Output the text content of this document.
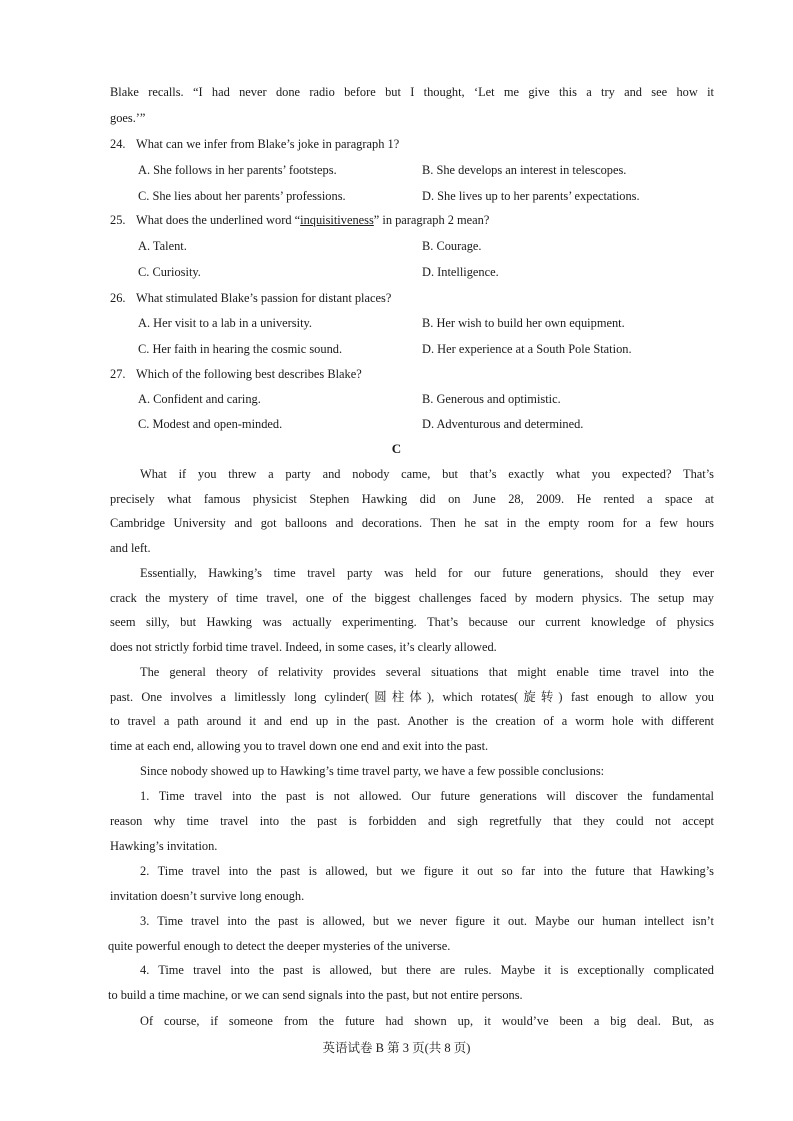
Blake recalls. “I had never done radio before but I thought, ‘Let me give this a try and see how it
goes.’”
24. What can we infer from Blake’s joke in paragraph 1?
A. She follows in her parents’ footsteps.	B. She develops an interest in telescopes.
C. She lies about her parents’ professions.	D. She lives up to her parents’ expectations.
25. What does the underlined word “inquisitiveness” in paragraph 2 mean?
A. Talent.	B. Courage.
C. Curiosity.	D. Intelligence.
26. What stimulated Blake’s passion for distant places?
A. Her visit to a lab in a university.	B. Her wish to build her own equipment.
C. Her faith in hearing the cosmic sound.	D. Her experience at a South Pole Station.
27. Which of the following best describes Blake?
A. Confident and caring.	B. Generous and optimistic.
C. Modest and open-minded.	D. Adventurous and determined.
C
What if you threw a party and nobody came, but that’s exactly what you expected? That’s
precisely what famous physicist Stephen Hawking did on June 28, 2009. He rented a space at
Cambridge University and got balloons and decorations. Then he sat in the empty room for a few hours
and left.
Essentially, Hawking’s time travel party was held for our future generations, should they ever
crack the mystery of time travel, one of the biggest challenges faced by modern physics. The setup may
seem silly, but Hawking was actually experimenting. That’s because our current knowledge of physics
does not strictly forbid time travel. Indeed, in some cases, it’s clearly allowed.
The general theory of relativity provides several situations that might enable time travel into the
past. One involves a limitlessly long cylinder(圆柱体), which rotates(旋转) fast enough to allow you
to travel a path around it and end up in the past. Another is the creation of a worm hole with different
time at each end, allowing you to travel down one end and exit into the past.
Since nobody showed up to Hawking’s time travel party, we have a few possible conclusions:
1. Time travel into the past is not allowed. Our future generations will discover the fundamental
reason why time travel into the past is forbidden and sigh regretfully that they could not accept
Hawking’s invitation.
2. Time travel into the past is allowed, but we figure it out so far into the future that Hawking’s
invitation doesn’t survive long enough.
3. Time travel into the past is allowed, but we never figure it out. Maybe our human intellect isn’t
quite powerful enough to detect the deeper mysteries of the universe.
4. Time travel into the past is allowed, but there are rules. Maybe it is exceptionally complicated
to build a time machine, or we can send signals into the past, but not entire persons.
Of course, if someone from the future had shown up, it would’ve been a big deal. But, as
英语试卷 B 第 3 页(共 8 页)
